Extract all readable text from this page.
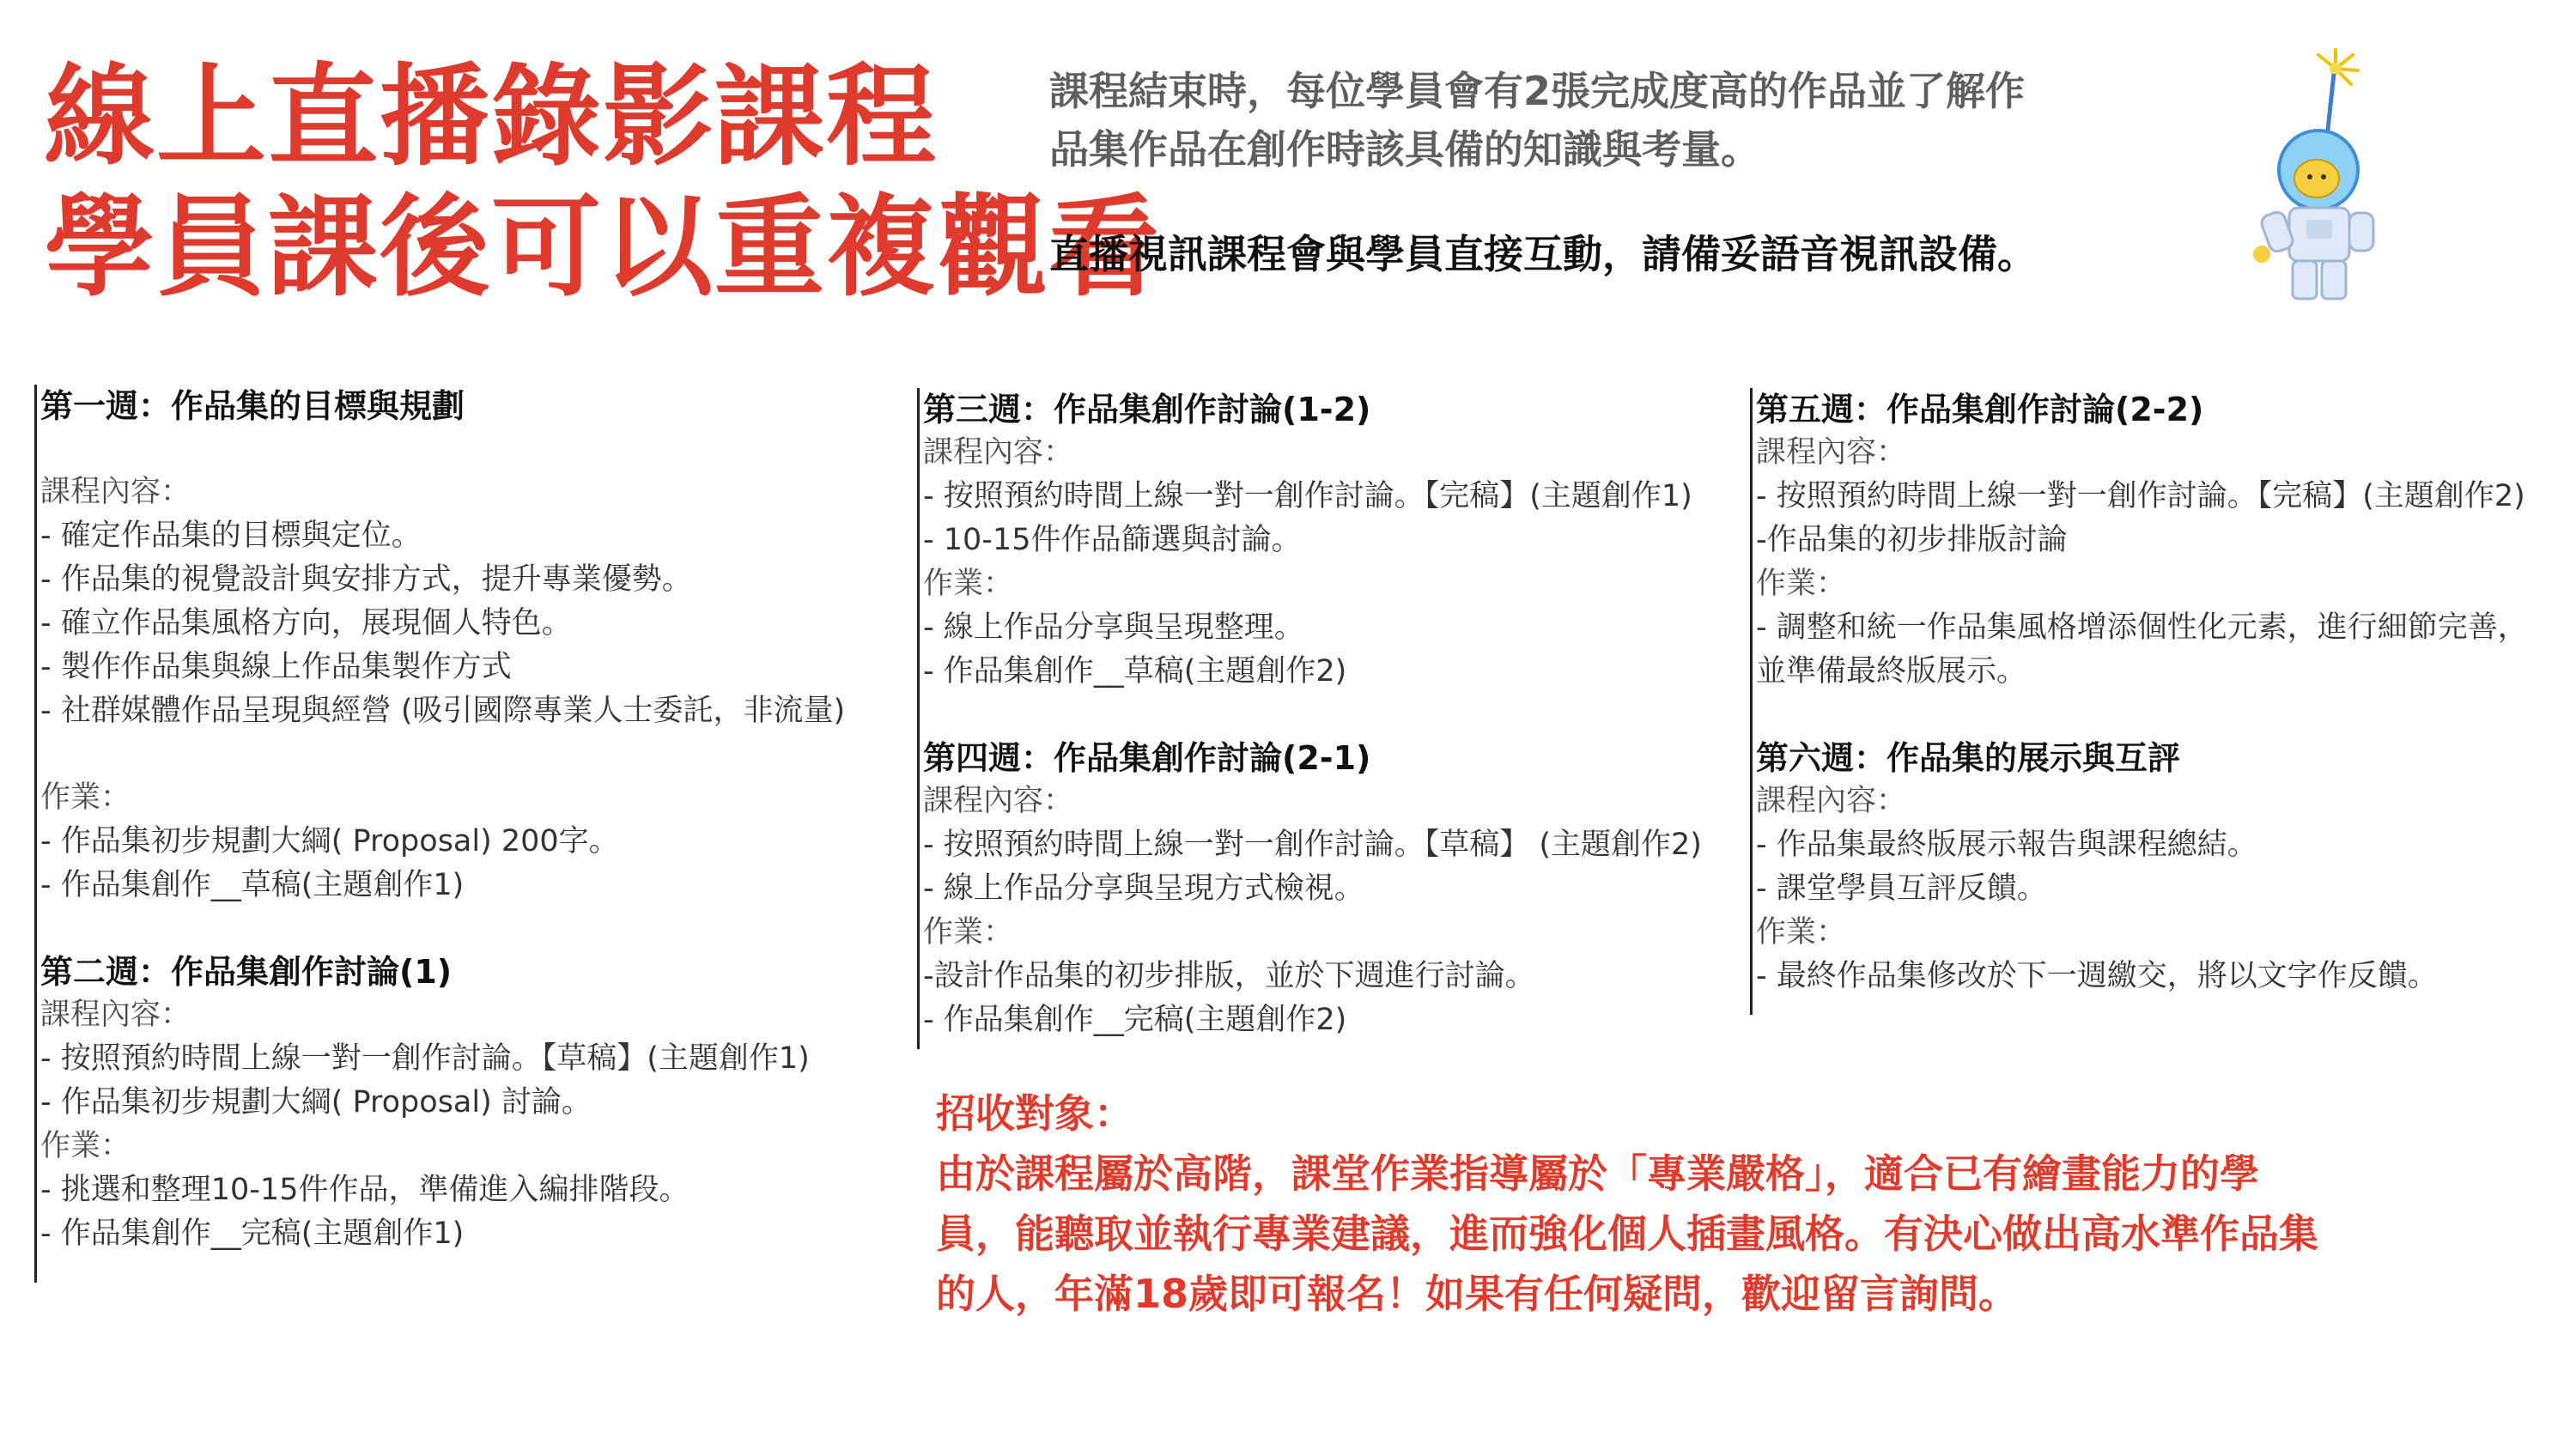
線上直播錄影課程
學員課後可以重複觀看
課程結束時，每位學員會有2張完成度高的作品並了解作
品集作品在創作時該具備的知識與考量。
直播視訊課程會與學員直接互動，請備妥語音視訊設備。
第一週：作品集的目標與規劃
課程內容：
- 確定作品集的目標與定位。
- 作品集的視覺設計與安排方式，提升專業優勢。
- 確立作品集風格方向，展現個人特色。
- 製作作品集與線上作品集製作方式
- 社群媒體作品呈現與經營 (吸引國際專業人士委託，非流量)
作業：
- 作品集初步規劃大綱( Proposal) 200字。
- 作品集創作__草稿(主題創作1)
第二週：作品集創作討論(1)
課程內容：
- 按照預約時間上線一對一創作討論。【草稿】(主題創作1)
- 作品集初步規劃大綱( Proposal) 討論。
作業：
- 挑選和整理10-15件作品，準備進入編排階段。
- 作品集創作__完稿(主題創作1)
第三週：作品集創作討論(1-2)
課程內容：
- 按照預約時間上線一對一創作討論。【完稿】(主題創作1)
- 10-15件作品篩選與討論。
作業：
- 線上作品分享與呈現整理。
- 作品集創作__草稿(主題創作2)
第四週：作品集創作討論(2-1)
課程內容：
- 按照預約時間上線一對一創作討論。【草稿】 (主題創作2)
- 線上作品分享與呈現方式檢視。
作業：
-設計作品集的初步排版，並於下週進行討論。
- 作品集創作__完稿(主題創作2)
第五週：作品集創作討論(2-2)
課程內容：
- 按照預約時間上線一對一創作討論。【完稿】(主題創作2)
-作品集的初步排版討論
作業：
- 調整和統一作品集風格增添個性化元素，進行細節完善，
並準備最終版展示。
第六週：作品集的展示與互評
課程內容：
- 作品集最終版展示報告與課程總結。
- 課堂學員互評反饋。
作業：
- 最終作品集修改於下一週繳交，將以文字作反饋。
招收對象：
由於課程屬於高階，課堂作業指導屬於「專業嚴格」，適合已有繪畫能力的學
員，能聽取並執行專業建議，進而強化個人插畫風格。有決心做出高水準作品集
的人，年滿18歲即可報名！如果有任何疑問，歡迎留言詢問。
